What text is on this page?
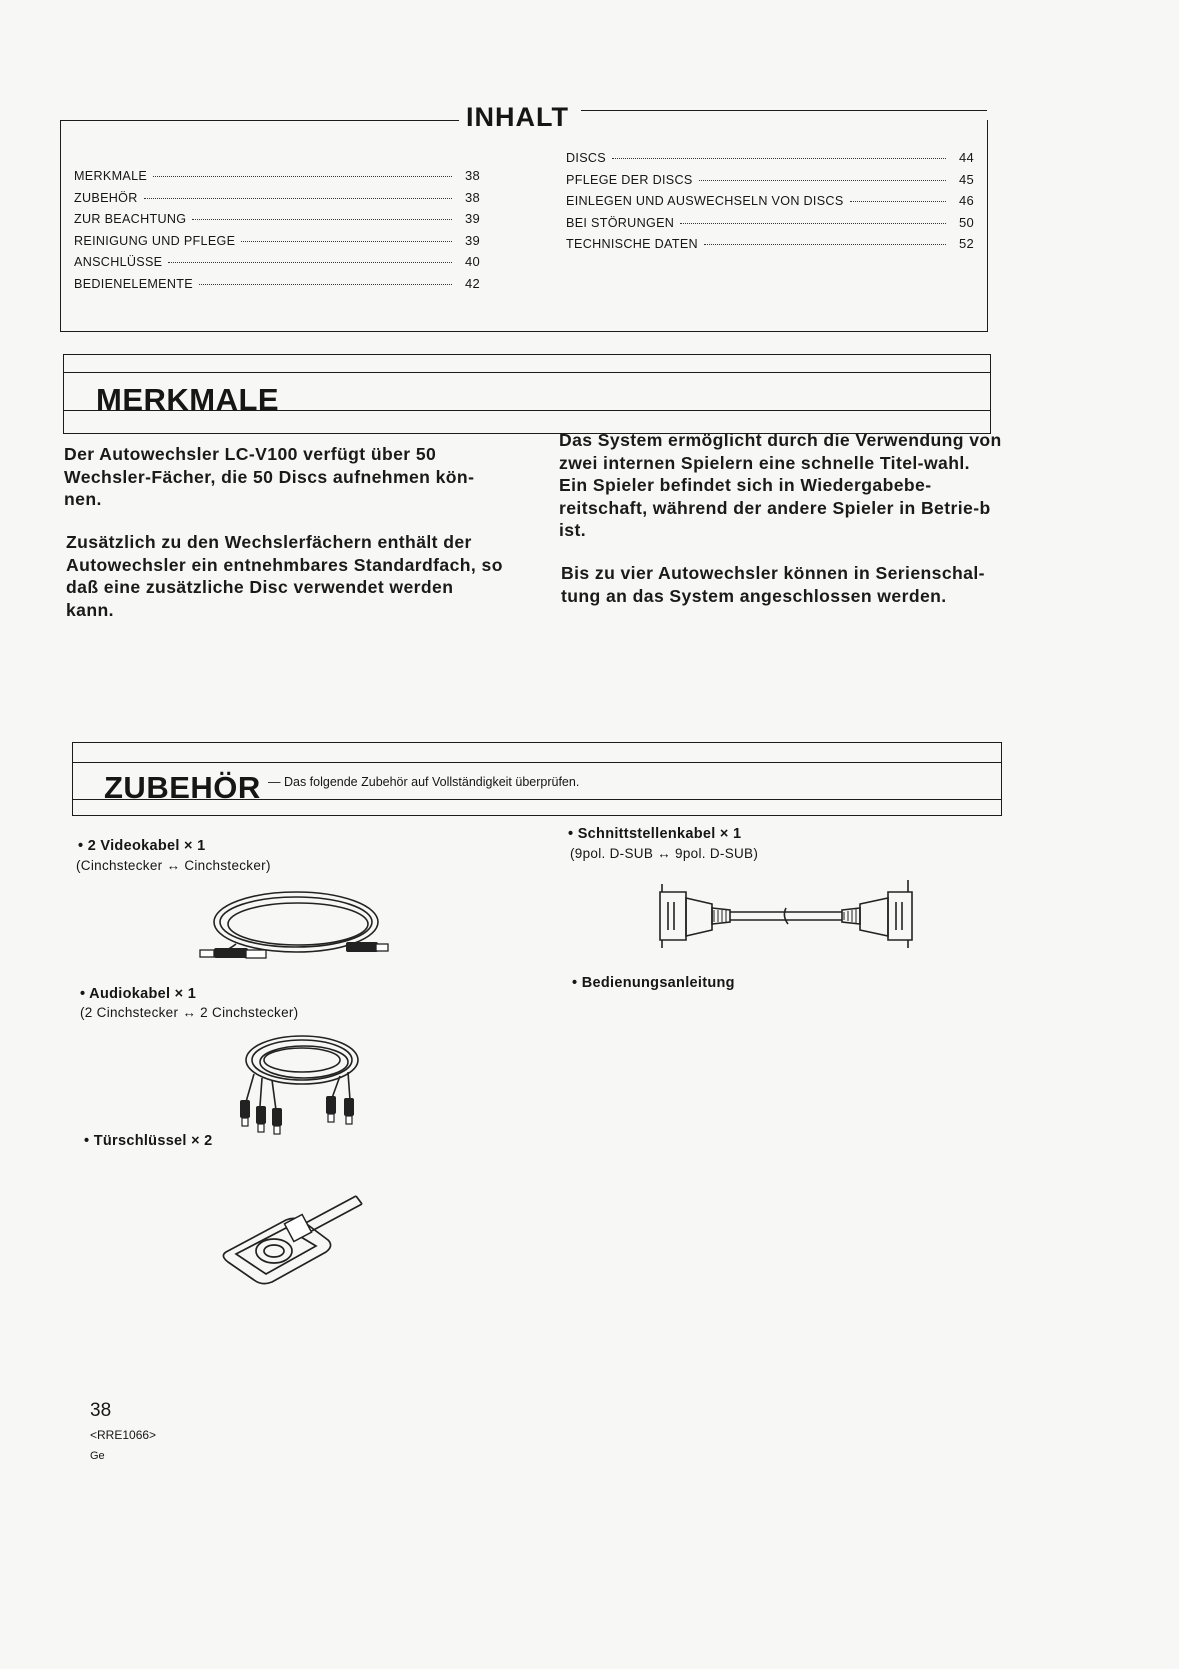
INHALT
MERKMALE	38
ZUBEHÖR	38
ZUR BEACHTUNG	39
REINIGUNG UND PFLEGE	39
ANSCHLÜSSE	40
BEDIENELEMENTE	42
DISCS	44
PFLEGE DER DISCS	45
EINLEGEN UND AUSWECHSELN VON DISCS	46
BEI STÖRUNGEN	50
TECHNISCHE DATEN	52
MERKMALE
Der Autowechsler LC-V100 verfügt über 50 Wechsler-Fächer, die 50 Discs aufnehmen kön-nen.
Zusätzlich zu den Wechslerfächern enthält der Autowechsler ein entnehmbares Standardfach, so daß eine zusätzliche Disc verwendet werden kann.
Das System ermöglicht durch die Verwendung von zwei internen Spielern eine schnelle Titel-wahl. Ein Spieler befindet sich in Wiedergabebe-reitschaft, während der andere Spieler in Betrie-b ist.
Bis zu vier Autowechsler können in Serienschal-tung an das System angeschlossen werden.
ZUBEHÖR — Das folgende Zubehör auf Vollständigkeit überprüfen.
• 2 Videokabel × 1
(Cinchstecker ↔ Cinchstecker)
• Audiokabel × 1
(2 Cinchstecker ↔ 2 Cinchstecker)
• Türschlüssel × 2
• Schnittstellenkabel × 1
(9pol. D-SUB ↔ 9pol. D-SUB)
• Bedienungsanleitung
38
<RRE1066>
Ge
